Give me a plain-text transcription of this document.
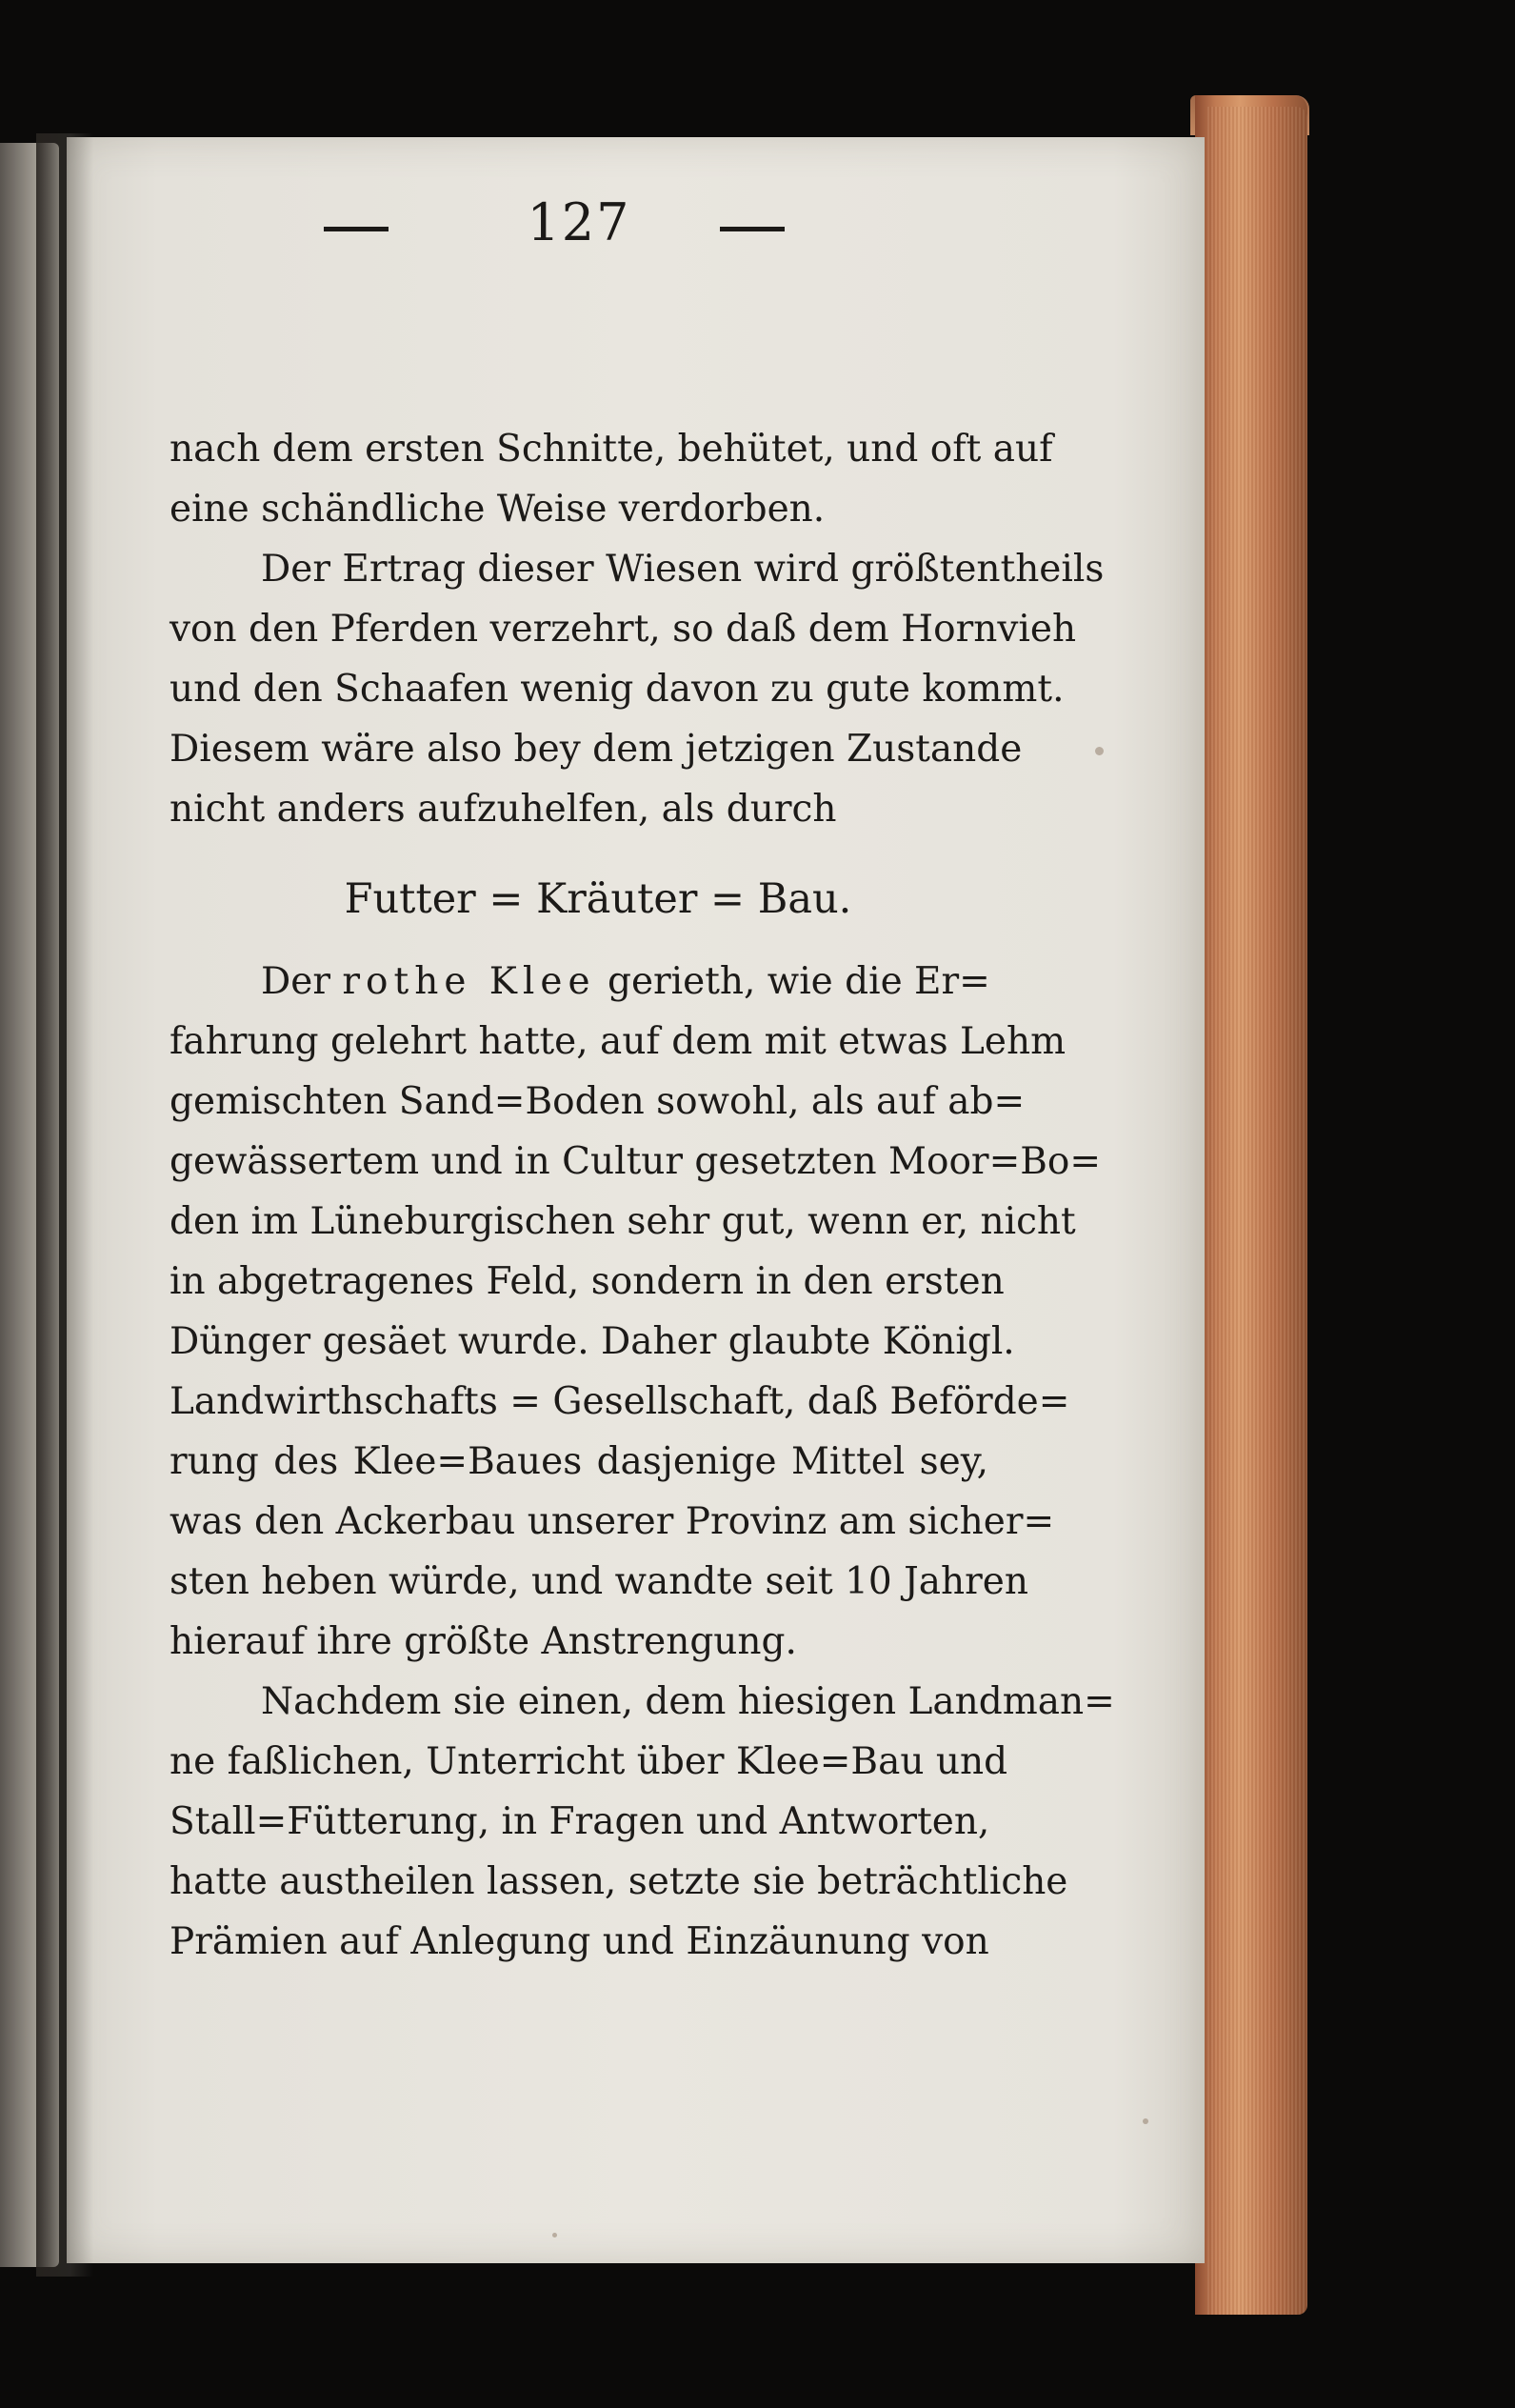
127
nach dem ersten Schnitte, behütet, und oft auf
eine schändliche Weise verdorben.
Der Ertrag dieser Wiesen wird größtentheils
von den Pferden verzehrt, so daß dem Hornvieh
und den Schaafen wenig davon zu gute kommt.
Diesem wäre also bey dem jetzigen Zustande
nicht anders aufzuhelfen, als durch
Futter = Kräuter = Bau.
Der rothe Klee gerieth, wie die Er=
fahrung gelehrt hatte, auf dem mit etwas Lehm
gemischten Sand=Boden sowohl, als auf ab=
gewässertem und in Cultur gesetzten Moor=Bo=
den im Lüneburgischen sehr gut, wenn er, nicht
in abgetragenes Feld, sondern in den ersten
Dünger gesäet wurde. Daher glaubte Königl.
Landwirthschafts = Gesellschaft, daß Beförde=
rung des Klee=Baues dasjenige Mittel sey,
was den Ackerbau unserer Provinz am sicher=
sten heben würde, und wandte seit 10 Jahren
hierauf ihre größte Anstrengung.
Nachdem sie einen, dem hiesigen Landman=
ne faßlichen, Unterricht über Klee=Bau und
Stall=Fütterung, in Fragen und Antworten,
hatte austheilen lassen, setzte sie beträchtliche
Prämien auf Anlegung und Einzäunung von
